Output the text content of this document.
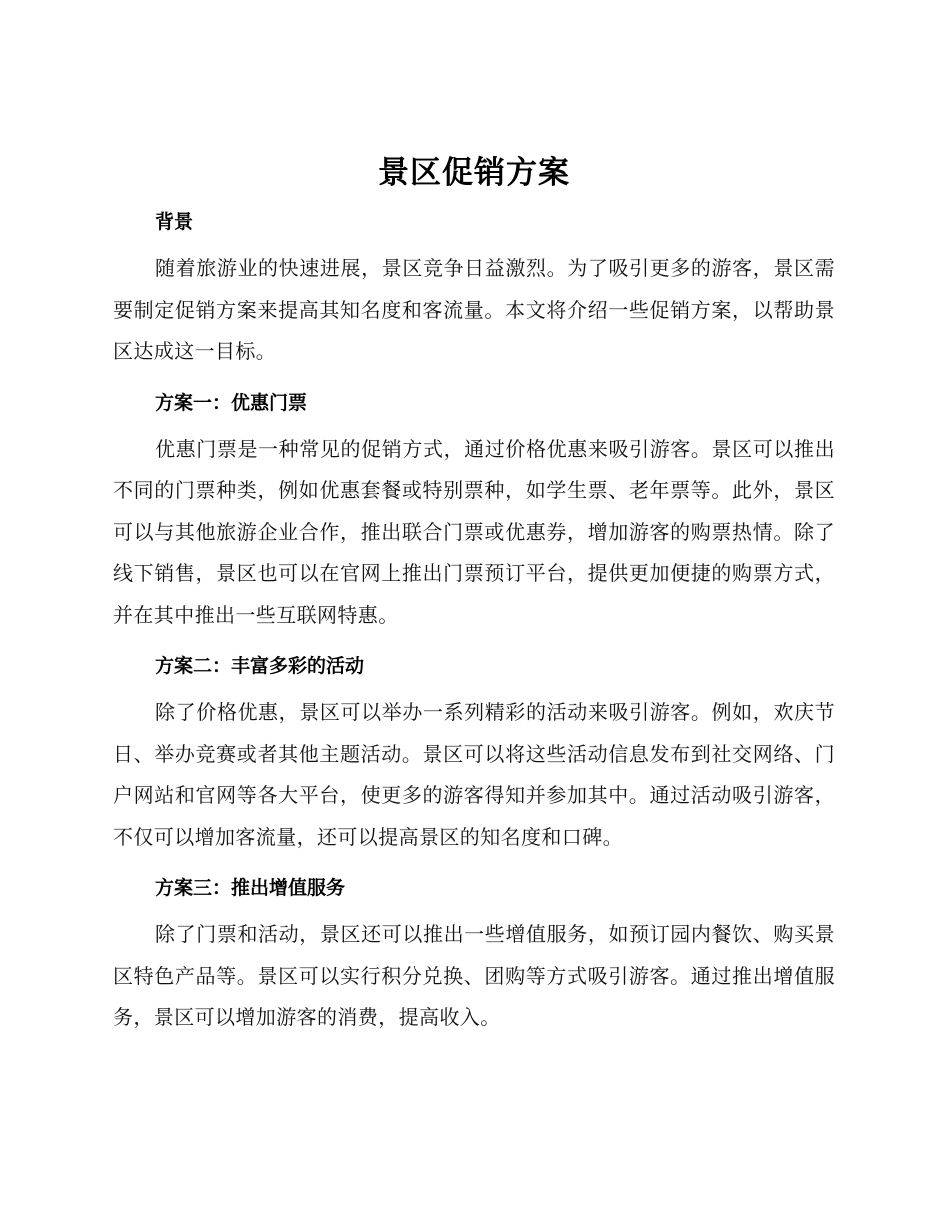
景区促销方案
背景

随着旅游业的快速进展，景区竞争日益激烈。为了吸引更多的游客，景区需要制定促销方案来提高其知名度和客流量。本文将介绍一些促销方案，以帮助景区达成这一目标。

方案一：优惠门票

优惠门票是一种常见的促销方式，通过价格优惠来吸引游客。景区可以推出不同的门票种类，例如优惠套餐或特别票种，如学生票、老年票等。此外，景区可以与其他旅游企业合作，推出联合门票或优惠券，增加游客的购票热情。除了线下销售，景区也可以在官网上推出门票预订平台，提供更加便捷的购票方式，并在其中推出一些互联网特惠。

方案二：丰富多彩的活动

除了价格优惠，景区可以举办一系列精彩的活动来吸引游客。例如，欢庆节日、举办竞赛或者其他主题活动。景区可以将这些活动信息发布到社交网络、门户网站和官网等各大平台，使更多的游客得知并参加其中。通过活动吸引游客，不仅可以增加客流量，还可以提高景区的知名度和口碑。

方案三：推出增值服务

除了门票和活动，景区还可以推出一些增值服务，如预订园内餐饮、购买景区特色产品等。景区可以实行积分兑换、团购等方式吸引游客。通过推出增值服务，景区可以增加游客的消费，提高收入。
